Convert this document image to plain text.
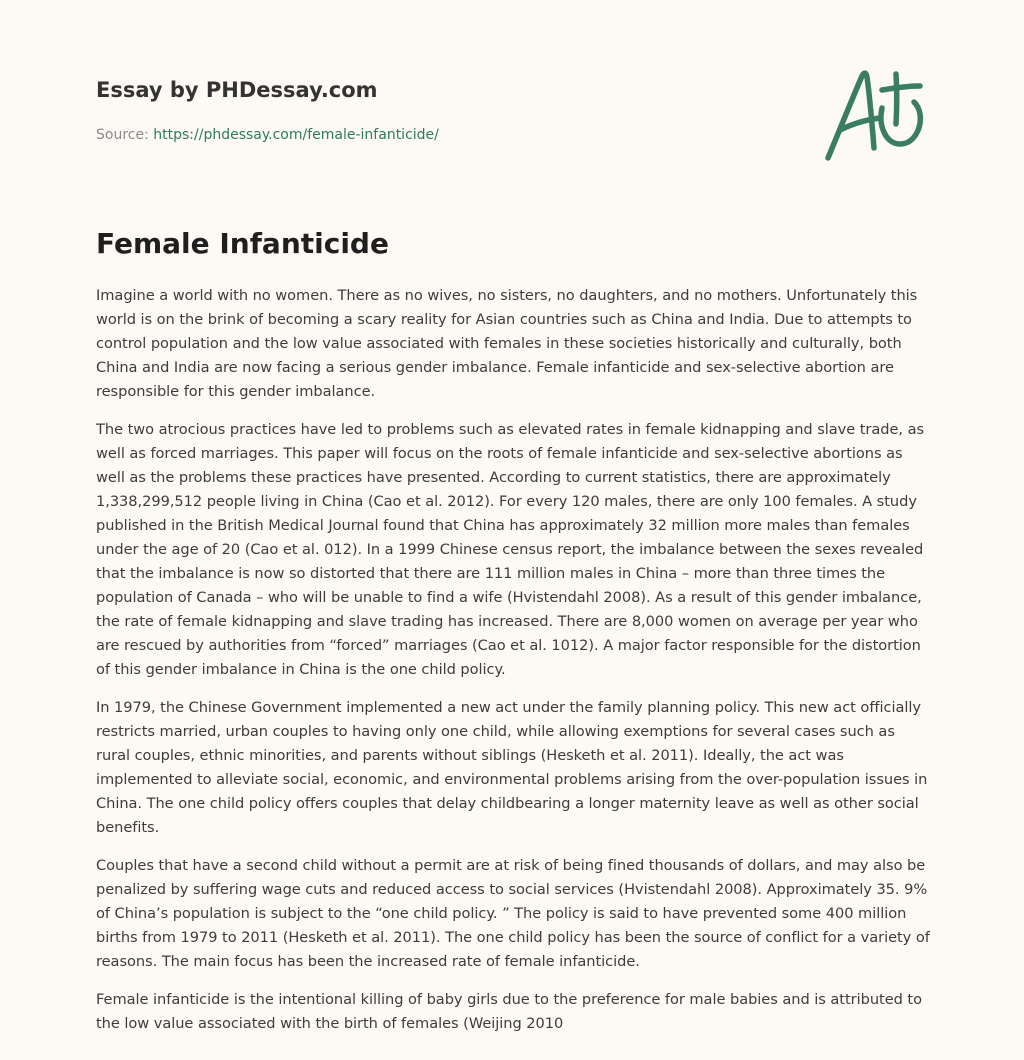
Essay by PHDessay.com
Source: https://phdessay.com/female-infanticide/
Female Infanticide

Imagine a world with no women. There as no wives, no sisters, no daughters, and no mothers. Unfortunately this world is on the brink of becoming a scary reality for Asian countries such as China and India. Due to attempts to control population and the low value associated with females in these societies historically and culturally, both China and India are now facing a serious gender imbalance. Female infanticide and sex-selective abortion are responsible for this gender imbalance.

The two atrocious practices have led to problems such as elevated rates in female kidnapping and slave trade, as well as forced marriages. This paper will focus on the roots of female infanticide and sex-selective abortions as well as the problems these practices have presented. According to current statistics, there are approximately 1,338,299,512 people living in China (Cao et al. 2012). For every 120 males, there are only 100 females. A study published in the British Medical Journal found that China has approximately 32 million more males than females under the age of 20 (Cao et al. 012). In a 1999 Chinese census report, the imbalance between the sexes revealed that the imbalance is now so distorted that there are 111 million males in China – more than three times the population of Canada – who will be unable to find a wife (Hvistendahl 2008). As a result of this gender imbalance, the rate of female kidnapping and slave trading has increased. There are 8,000 women on average per year who are rescued by authorities from “forced” marriages (Cao et al. 1012). A major factor responsible for the distortion of this gender imbalance in China is the one child policy.

In 1979, the Chinese Government implemented a new act under the family planning policy. This new act officially restricts married, urban couples to having only one child, while allowing exemptions for several cases such as rural couples, ethnic minorities, and parents without siblings (Hesketh et al. 2011). Ideally, the act was implemented to alleviate social, economic, and environmental problems arising from the over-population issues in China. The one child policy offers couples that delay childbearing a longer maternity leave as well as other social benefits.

Couples that have a second child without a permit are at risk of being fined thousands of dollars, and may also be penalized by suffering wage cuts and reduced access to social services (Hvistendahl 2008). Approximately 35. 9% of China’s population is subject to the “one child policy. ” The policy is said to have prevented some 400 million births from 1979 to 2011 (Hesketh et al. 2011). The one child policy has been the source of conflict for a variety of reasons. The main focus has been the increased rate of female infanticide.

Female infanticide is the intentional killing of baby girls due to the preference for male babies and is attributed to the low value associated with the birth of females (Weijing 2010
